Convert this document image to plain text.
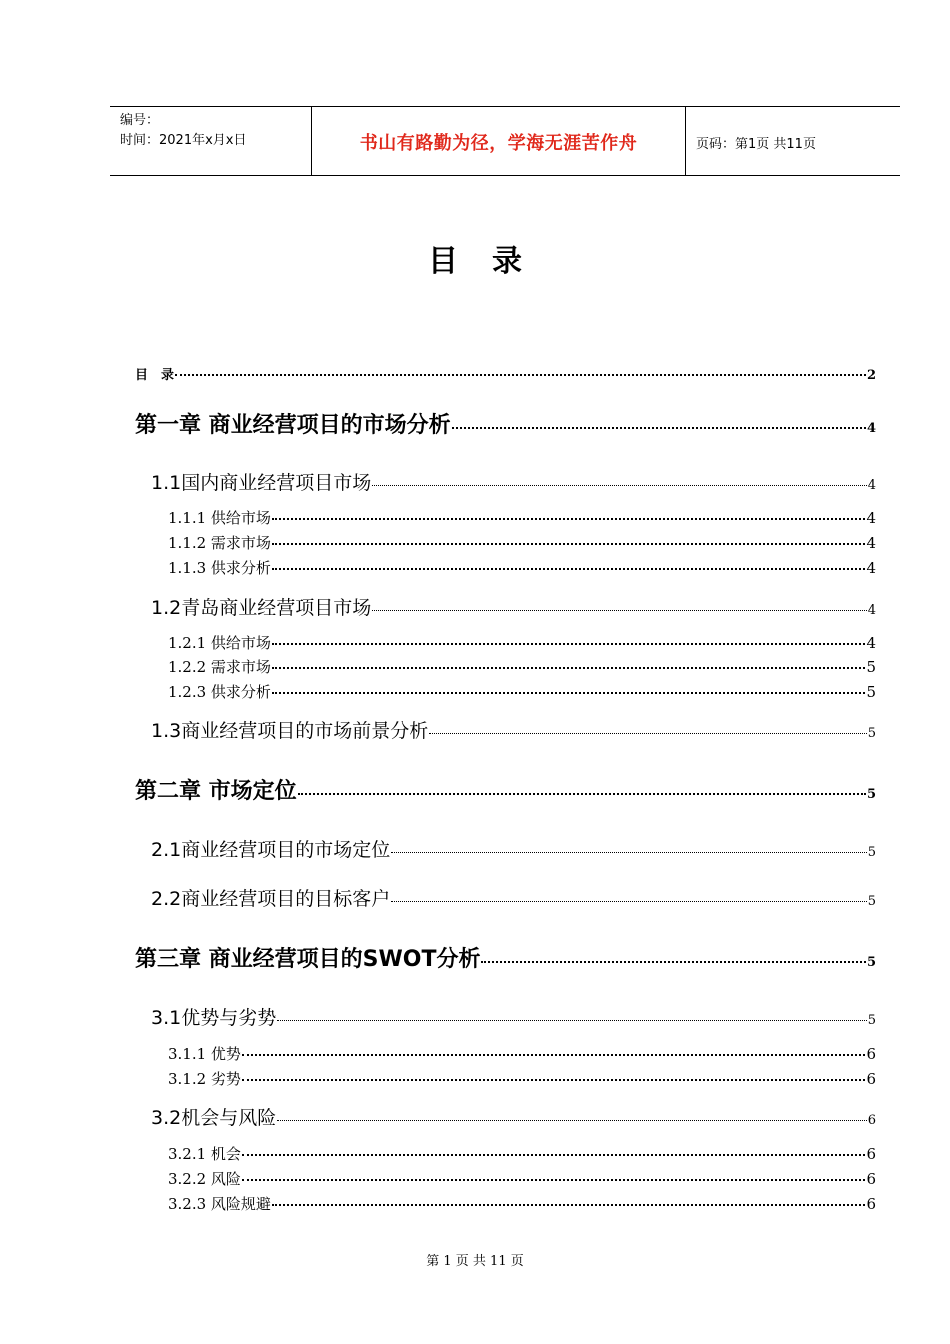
编号：
时间：2021年x月x日	书山有路勤为径，学海无涯苦作舟	页码：第1页 共11页
目录
目　录	2
第一章 商业经营项目的市场分析	4
1.1国内商业经营项目市场	4
1.1.1 供给市场	4
1.1.2 需求市场	4
1.1.3 供求分析	4
1.2青岛商业经营项目市场	4
1.2.1 供给市场	4
1.2.2 需求市场	5
1.2.3 供求分析	5
1.3商业经营项目的市场前景分析	5
第二章 市场定位	5
2.1商业经营项目的市场定位	5
2.2商业经营项目的目标客户	5
第三章 商业经营项目的SWOT分析	5
3.1优势与劣势	5
3.1.1 优势	6
3.1.2 劣势	6
3.2机会与风险	6
3.2.1 机会	6
3.2.2 风险	6
3.2.3 风险规避	6
第 1 页 共 11 页
